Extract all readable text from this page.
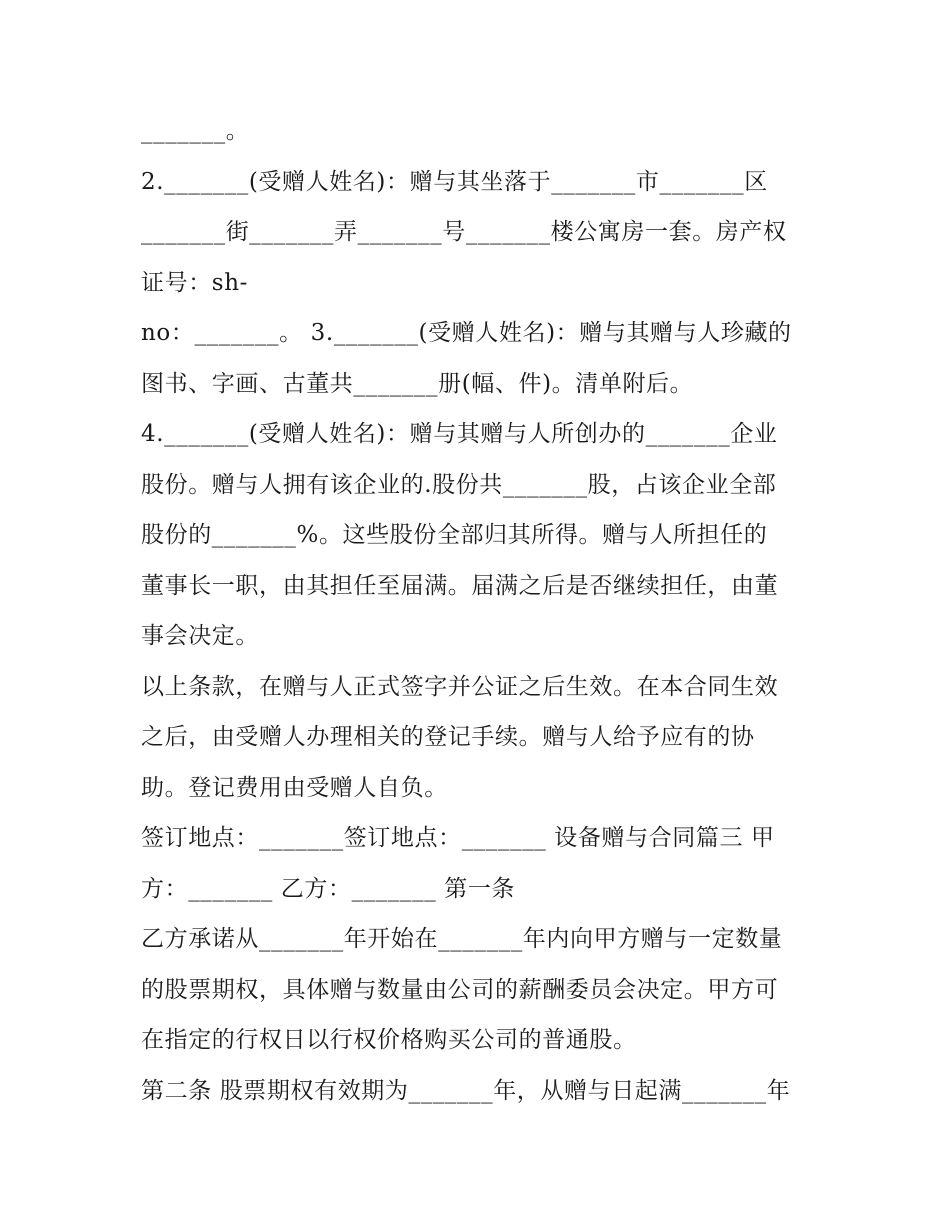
_______。
2._______(受赠人姓名)：赠与其坐落于_______市_______区
_______街_______弄_______号_______楼公寓房一套。房产权
证号：sh-
no：_______。 3._______(受赠人姓名)：赠与其赠与人珍藏的
图书、字画、古董共_______册(幅、件)。清单附后。
4._______(受赠人姓名)：赠与其赠与人所创办的_______企业
股份。赠与人拥有该企业的.股份共_______股，占该企业全部
股份的_______%。这些股份全部归其所得。赠与人所担任的
董事长一职，由其担任至届满。届满之后是否继续担任，由董
事会决定。
以上条款，在赠与人正式签字并公证之后生效。在本合同生效
之后，由受赠人办理相关的登记手续。赠与人给予应有的协
助。登记费用由受赠人自负。
签订地点：_______签订地点：_______ 设备赠与合同篇三 甲
方：_______ 乙方：_______ 第一条
乙方承诺从_______年开始在_______年内向甲方赠与一定数量
的股票期权，具体赠与数量由公司的薪酬委员会决定。甲方可
在指定的行权日以行权价格购买公司的普通股。
第二条 股票期权有效期为_______年，从赠与日起满_______年
